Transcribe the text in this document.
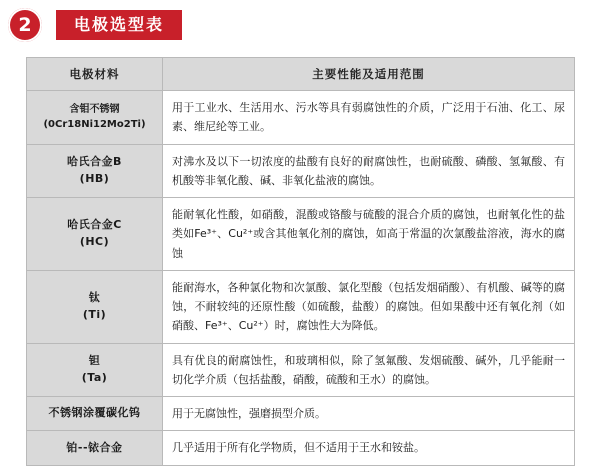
2	电极选型表
电极材料	主要性能及适用范围

含钼不锈钢
(0Cr18Ni12Mo2Ti)	用于工业水、生活用水、污水等具有弱腐蚀性的介质，广泛用于石油、化工、尿素、维尼纶等工业。

哈氏合金B
(HB)	对沸水及以下一切浓度的盐酸有良好的耐腐蚀性，也耐硫酸、磷酸、氢氟酸、有机酸等非氧化酸、碱、非氧化盐液的腐蚀。

哈氏合金C
(HC)	能耐氧化性酸，如硝酸，混酸或铬酸与硫酸的混合介质的腐蚀，也耐氧化性的盐类如Fe³⁺、Cu²⁺或含其他氧化剂的腐蚀，如高于常温的次氯酸盐溶液，海水的腐蚀

钛
(Ti)	能耐海水，各种氯化物和次氯酸、氯化型酸（包括发烟硝酸）、有机酸、碱等的腐蚀，不耐较纯的还原性酸（如硫酸，盐酸）的腐蚀。但如果酸中还有氧化剂（如硝酸、Fe³⁺、Cu²⁺）时，腐蚀性大为降低。

钽
(Ta)	具有优良的耐腐蚀性，和玻璃相似，除了氢氟酸、发烟硫酸、碱外，几乎能耐一切化学介质（包括盐酸，硝酸，硫酸和王水）的腐蚀。

不锈钢涂覆碳化钨	用于无腐蚀性，强磨损型介质。

铂--铱合金	几乎适用于所有化学物质，但不适用于王水和铵盐。
